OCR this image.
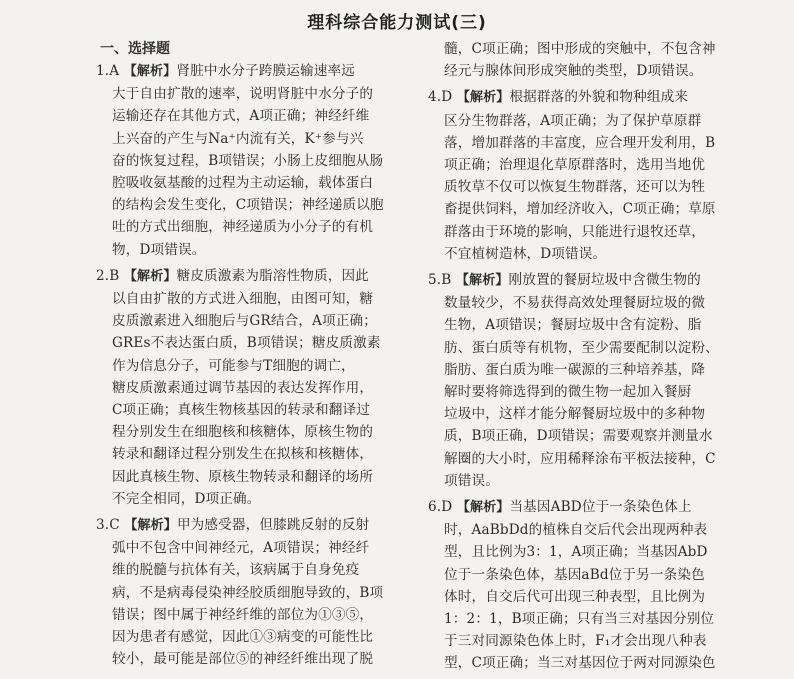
理科综合能力测试(三)
一、选择题
1.A 【解析】肾脏中水分子跨膜运输速率远
大于自由扩散的速率，说明肾脏中水分子的
运输还存在其他方式，A项正确；神经纤维
上兴奋的产生与Na⁺内流有关，K⁺参与兴
奋的恢复过程，B项错误；小肠上皮细胞从肠
腔吸收氨基酸的过程为主动运输，载体蛋白
的结构会发生变化，C项错误；神经递质以胞
吐的方式出细胞，神经递质为小分子的有机
物，D项错误。
2.B 【解析】糖皮质激素为脂溶性物质，因此
以自由扩散的方式进入细胞，由图可知，糖
皮质激素进入细胞后与GR结合，A项正确；
GREs不表达蛋白质，B项错误；糖皮质激素
作为信息分子，可能参与T细胞的调亡，
糖皮质激素通过调节基因的表达发挥作用，
C项正确；真核生物核基因的转录和翻译过
程分别发生在细胞核和核糖体，原核生物的
转录和翻译过程分别发生在拟核和核糖体，
因此真核生物、原核生物转录和翻译的场所
不完全相同，D项正确。
3.C 【解析】甲为感受器，但膝跳反射的反射
弧中不包含中间神经元，A项错误；神经纤
维的脱髓与抗体有关，该病属于自身免疫
病，不是病毒侵染神经胶质细胞导致的，B项
错误；图中属于神经纤维的部位为①③⑤，
因为患者有感觉，因此①③病变的可能性比
较小，最可能是部位⑤的神经纤维出现了脱
髓，C项正确；图中形成的突触中，不包含神
经元与腺体间形成突触的类型，D项错误。
4.D 【解析】根据群落的外貌和物种组成来
区分生物群落，A项正确；为了保护草原群
落，增加群落的丰富度，应合理开发利用，B
项正确；治理退化草原群落时，选用当地优
质牧草不仅可以恢复生物群落，还可以为牲
畜提供饲料，增加经济收入，C项正确；草原
群落由于环境的影响，只能进行退牧还草，
不宜植树造林，D项错误。
5.B 【解析】刚放置的餐厨垃圾中含微生物的
数量较少，不易获得高效处理餐厨垃圾的微
生物，A项错误；餐厨垃圾中含有淀粉、脂
肪、蛋白质等有机物，至少需要配制以淀粉、
脂肪、蛋白质为唯一碳源的三种培养基，降
解时要将筛选得到的微生物一起加入餐厨
垃圾中，这样才能分解餐厨垃圾中的多种物
质，B项正确，D项错误；需要观察并测量水
解圈的大小时，应用稀释涂布平板法接种，C
项错误。
6.D 【解析】当基因ABD位于一条染色体上
时，AaBbDd的植株自交后代会出现两种表
型，且比例为3：1，A项正确；当基因AbD
位于一条染色体，基因aBd位于另一条染色
体时，自交后代可出现三种表型，且比例为
1：2：1，B项正确；只有当三对基因分别位
于三对同源染色体上时，F₁才会出现八种表
型，C项正确；当三对基因位于两对同源染色
